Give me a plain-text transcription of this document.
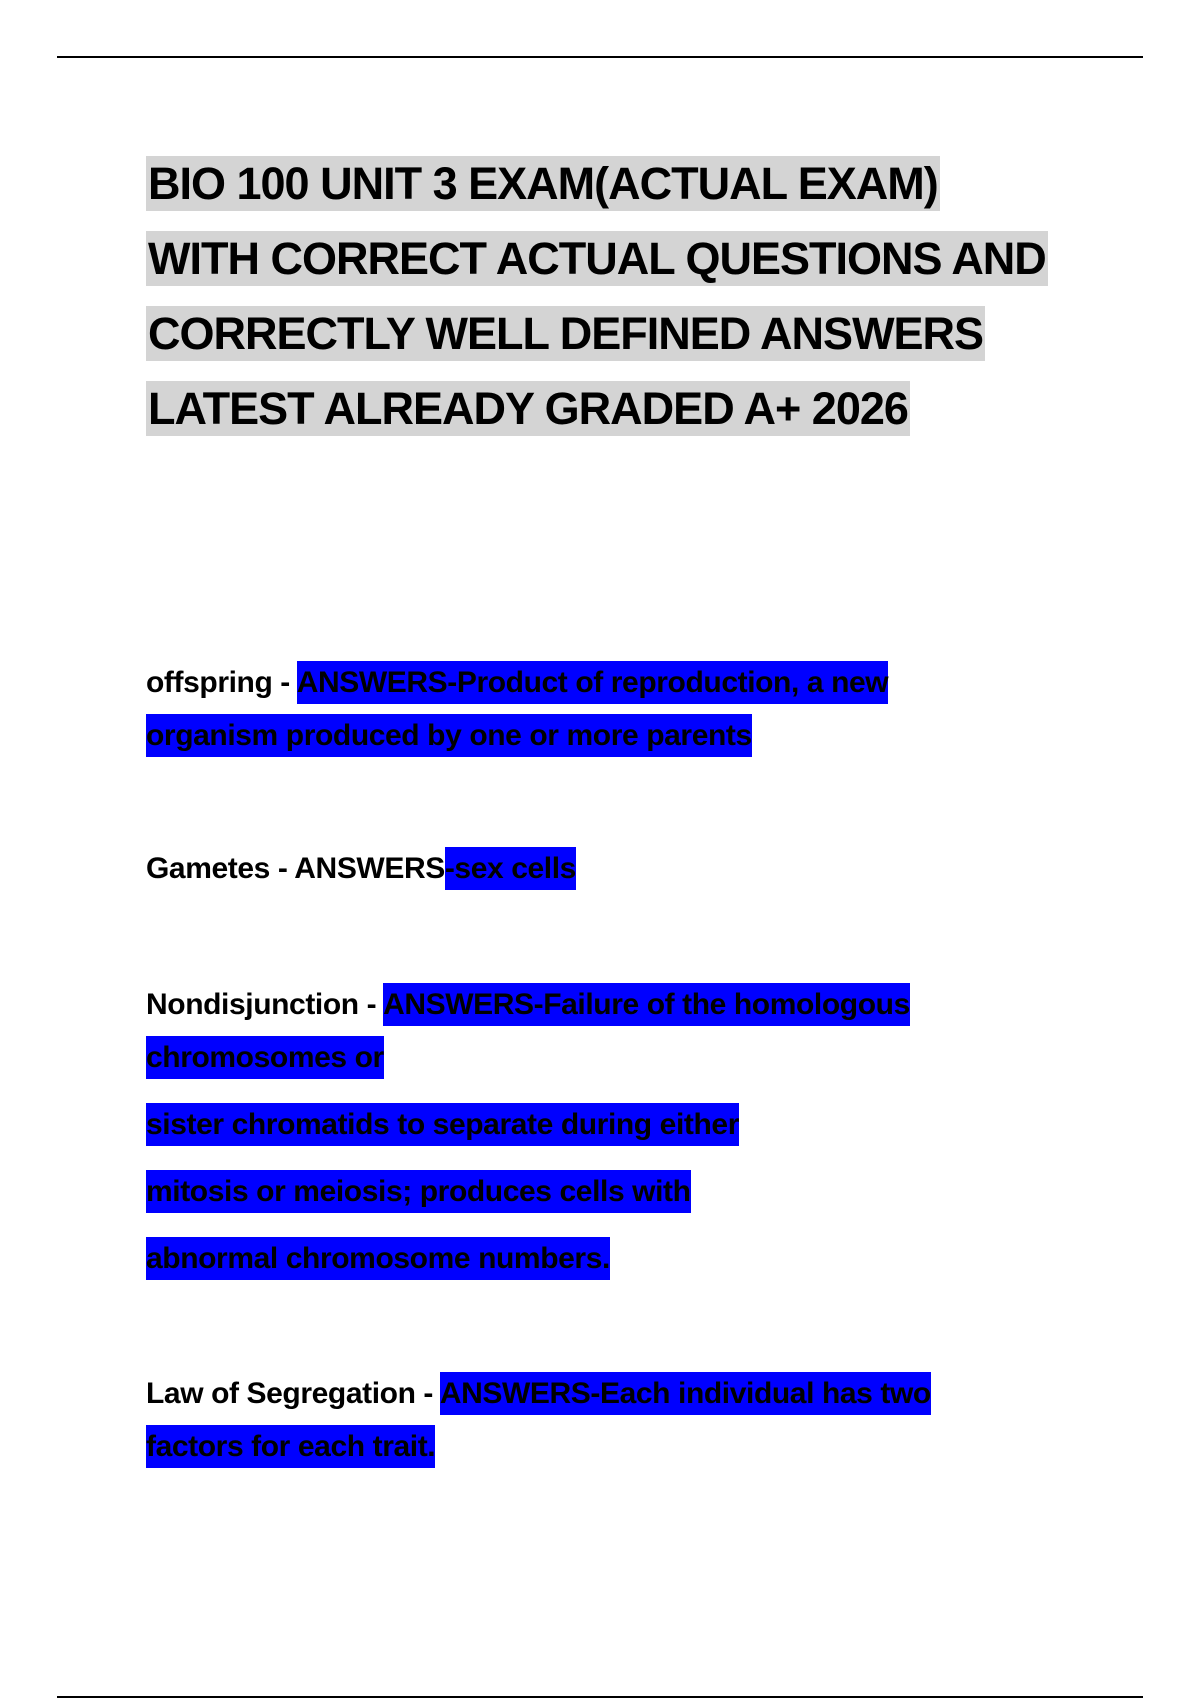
BIO 100 UNIT 3 EXAM(ACTUAL EXAM)
WITH CORRECT ACTUAL QUESTIONS AND
CORRECTLY WELL DEFINED ANSWERS
LATEST ALREADY GRADED A+ 2026
offspring - ANSWERS-Product of reproduction, a new
organism produced by one or more parents
Gametes - ANSWERS-sex cells
Nondisjunction - ANSWERS-Failure of the homologous
chromosomes or
sister chromatids to separate during either
mitosis or meiosis; produces cells with
abnormal chromosome numbers.
Law of Segregation - ANSWERS-Each individual has two
factors for each trait.
